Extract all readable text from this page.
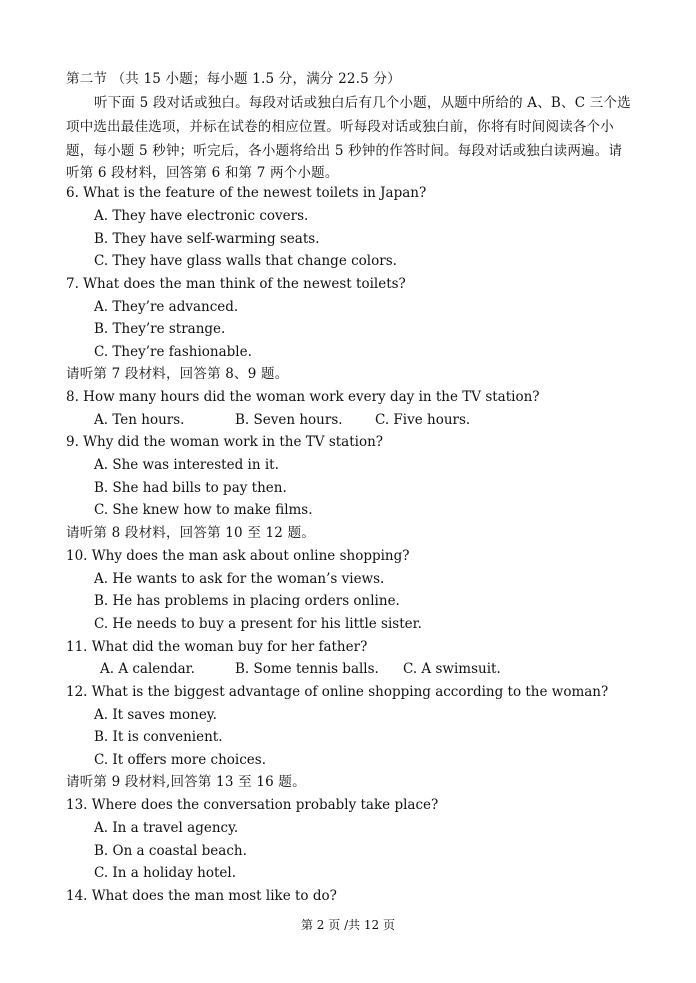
第二节 （共 15 小题；每小题 1.5 分，满分 22.5 分）
听下面 5 段对话或独白。每段对话或独白后有几个小题，从题中所给的 A、B、C 三个选
项中选出最佳选项，并标在试卷的相应位置。听每段对话或独白前，你将有时间阅读各个小
题，每小题 5 秒钟；听完后，各小题将给出 5 秒钟的作答时间。每段对话或独白读两遍。请
听第 6 段材料，回答第 6 和第 7 两个小题。
6. What is the feature of the newest toilets in Japan?
A. They have electronic covers.
B. They have self-warming seats.
C. They have glass walls that change colors.
7. What does the man think of the newest toilets?
A. They’re advanced.
B. They’re strange.
C. They’re fashionable.
请听第 7 段材料，回答第 8、9 题。
8. How many hours did the woman work every day in the TV station?
A. Ten hours.	B. Seven hours. C. Five hours.
9. Why did the woman work in the TV station?
A. She was interested in it.
B. She had bills to pay then.
C. She knew how to make films.
请听第 8 段材料，回答第 10 至 12 题。
10. Why does the man ask about online shopping?
A. He wants to ask for the woman’s views.
B. He has problems in placing orders online.
C. He needs to buy a present for his little sister.
11. What did the woman buy for her father?
A. A calendar.	B. Some tennis balls. C. A swimsuit.
12. What is the biggest advantage of online shopping according to the woman?
A. It saves money.
B. It is convenient.
C. It offers more choices.
请听第 9 段材料,回答第 13 至 16 题。
13. Where does the conversation probably take place?
A. In a travel agency.
B. On a coastal beach.
C. In a holiday hotel.
14. What does the man most like to do?
第 2 页 /共 12 页
